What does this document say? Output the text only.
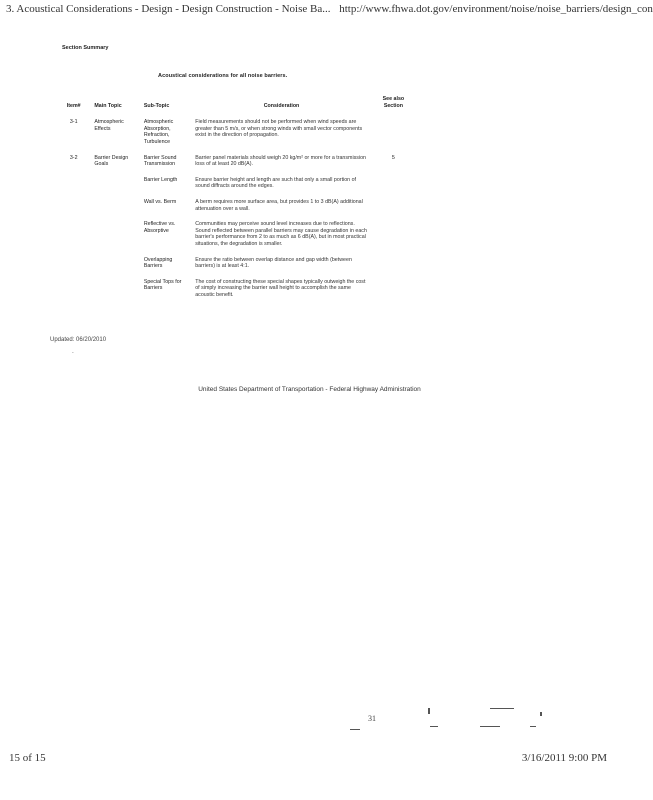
3. Acoustical Considerations - Design - Design Construction - Noise Ba... http://www.fhwa.dot.gov/environment/noise/noise_barriers/design_con
Section Summary
Acoustical considerations for all noise barriers.
Item#	Main Topic	Sub-Topic	Consideration	See also Section
3-1	Atmospheric Effects	Atmospheric Absorption, Refraction, Turbulence	Field measurements should not be performed when wind speeds are greater than 5 m/s, or when strong winds with small vector components exist in the direction of propagation.	
3-2	Barrier Design Goals	Barrier Sound Transmission	Barrier panel materials should weigh 20 kg/m² or more for a transmission loss of at least 20 dB(A).	5
		Barrier Length	Ensure barrier height and length are such that only a small portion of sound diffracts around the edges.	
		Wall vs. Berm	A berm requires more surface area, but provides 1 to 3 dB(A) additional attenuation over a wall.	
		Reflective vs. Absorptive	Communities may perceive sound level increases due to reflections. Sound reflected between parallel barriers may cause degradation in each barrier's performance from 2 to as much as 6 dB(A), but in most practical situations, the degradation is smaller.	
		Overlapping Barriers	Ensure the ratio between overlap distance and gap width (between barriers) is at least 4:1.	
		Special Tops for Barriers	The cost of constructing these special shapes typically outweigh the cost of simply increasing the barrier wall height to accomplish the same acoustic benefit.	
Updated: 06/20/2010
-
United States Department of Transportation - Federal Highway Administration
31
15 of 15	3/16/2011 9:00 PM
